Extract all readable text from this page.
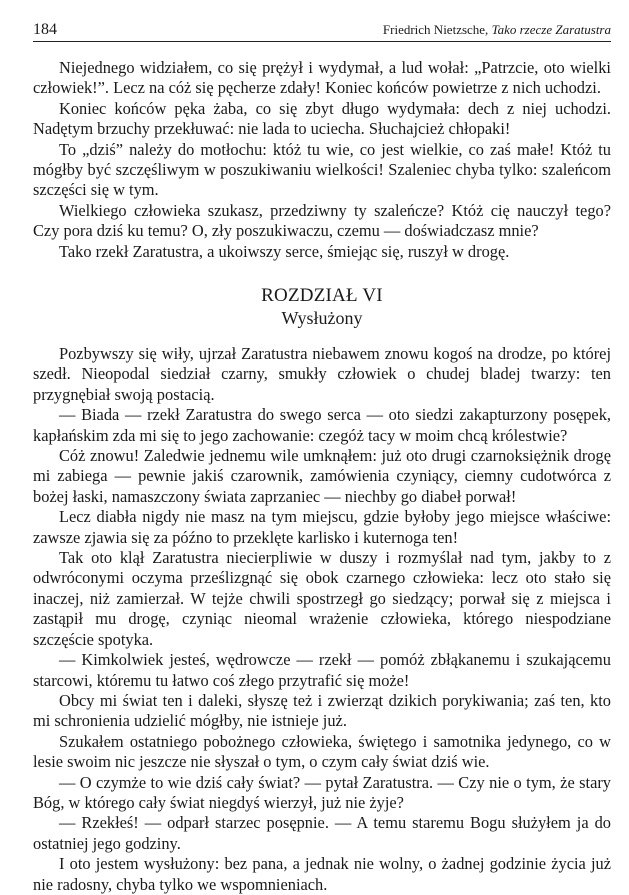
184	Friedrich Nietzsche, Tako rzecze Zaratustra

Niejednego widziałem, co się prężył i wydymał, a lud wołał: „Patrzcie, oto wielki człowiek!”. Lecz na cóż się pęcherze zdały! Koniec końców powietrze z nich uchodzi.

Koniec końców pęka żaba, co się zbyt długo wydymała: dech z niej uchodzi. Nadętym brzuchy przekłuwać: nie lada to uciecha. Słuchajcież chłopaki!

To „dziś” należy do motłochu: któż tu wie, co jest wielkie, co zaś małe! Któż tu mógłby być szczęśliwym w poszukiwaniu wielkości! Szaleniec chyba tylko: szaleńcom szczęści się w tym.

Wielkiego człowieka szukasz, przedziwny ty szaleńcze? Któż cię nauczył tego? Czy pora dziś ku temu? O, zły poszukiwaczu, czemu — doświadczasz mnie?

Tako rzekł Zaratustra, a ukoiwszy serce, śmiejąc się, ruszył w drogę.

ROZDZIAŁ VI
Wysłużony

Pozbywszy się wiły, ujrzał Zaratustra niebawem znowu kogoś na drodze, po której szedł. Nieopodal siedział czarny, smukły człowiek o chudej bladej twarzy: ten przygnębiał swoją postacią.

— Biada — rzekł Zaratustra do swego serca — oto siedzi zakapturzony posępek, kapłańskim zda mi się to jego zachowanie: czegóż tacy w moim chcą królestwie?

Cóż znowu! Zaledwie jednemu wile umknąłem: już oto drugi czarnoksiężnik drogę mi zabiega — pewnie jakiś czarownik, zamówienia czyniący, ciemny cudotwórca z bożej łaski, namaszczony świata zaprzaniec — niechby go diabeł porwał!

Lecz diabła nigdy nie masz na tym miejscu, gdzie byłoby jego miejsce właściwe: zawsze zjawia się za późno to przeklęte karlisko i kuternoga ten!

Tak oto klął Zaratustra niecierpliwie w duszy i rozmyślał nad tym, jakby to z odwróconymi oczyma prześlizgnąć się obok czarnego człowieka: lecz oto stało się inaczej, niż zamierzał. W tejże chwili spostrzegł go siedzący; porwał się z miejsca i zastąpił mu drogę, czyniąc nieomal wrażenie człowieka, którego niespodziane szczęście spotyka.

— Kimkolwiek jesteś, wędrowcze — rzekł — pomóż zbłąkanemu i szukającemu starcowi, któremu tu łatwo coś złego przytrafić się może!

Obcy mi świat ten i daleki, słyszę też i zwierząt dzikich porykiwania; zaś ten, kto mi schronienia udzielić mógłby, nie istnieje już.

Szukałem ostatniego pobożnego człowieka, świętego i samotnika jedynego, co w lesie swoim nic jeszcze nie słyszał o tym, o czym cały świat dziś wie.

— O czymże to wie dziś cały świat? — pytał Zaratustra. — Czy nie o tym, że stary Bóg, w którego cały świat niegdyś wierzył, już nie żyje?

— Rzekłeś! — odparł starzec posępnie. — A temu staremu Bogu służyłem ja do ostatniej jego godziny.

I oto jestem wysłużony: bez pana, a jednak nie wolny, o żadnej godzinie życia już nie radosny, chyba tylko we wspomnieniach.
